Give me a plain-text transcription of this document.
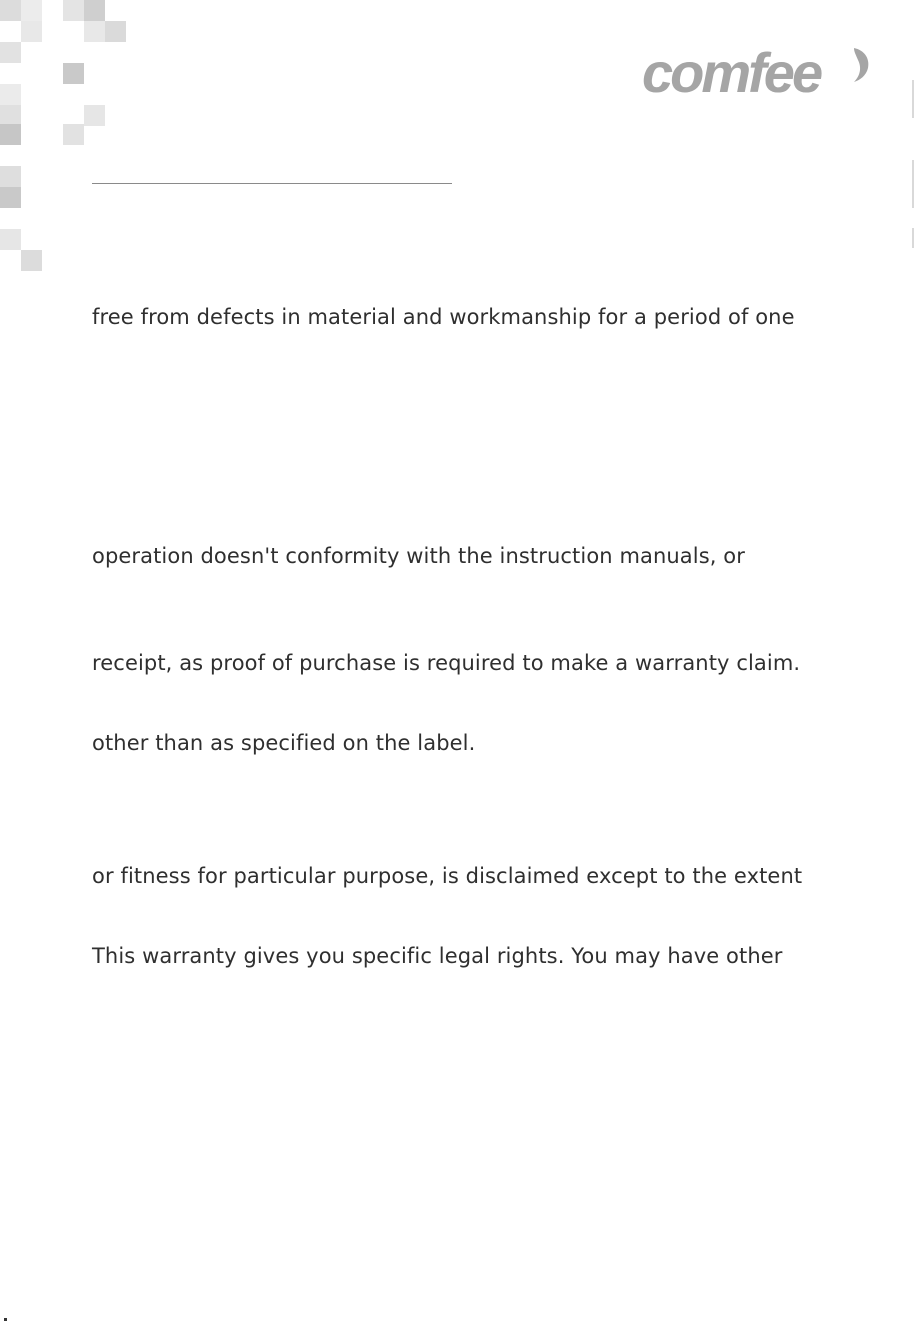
comfee

free from defects in material and workmanship for a period of one

operation doesn't conformity with the instruction manuals, or

receipt, as proof of purchase is required to make a warranty claim.

other than as specified on the label.

or fitness for particular purpose, is disclaimed except to the extent

This warranty gives you specific legal rights. You may have other
